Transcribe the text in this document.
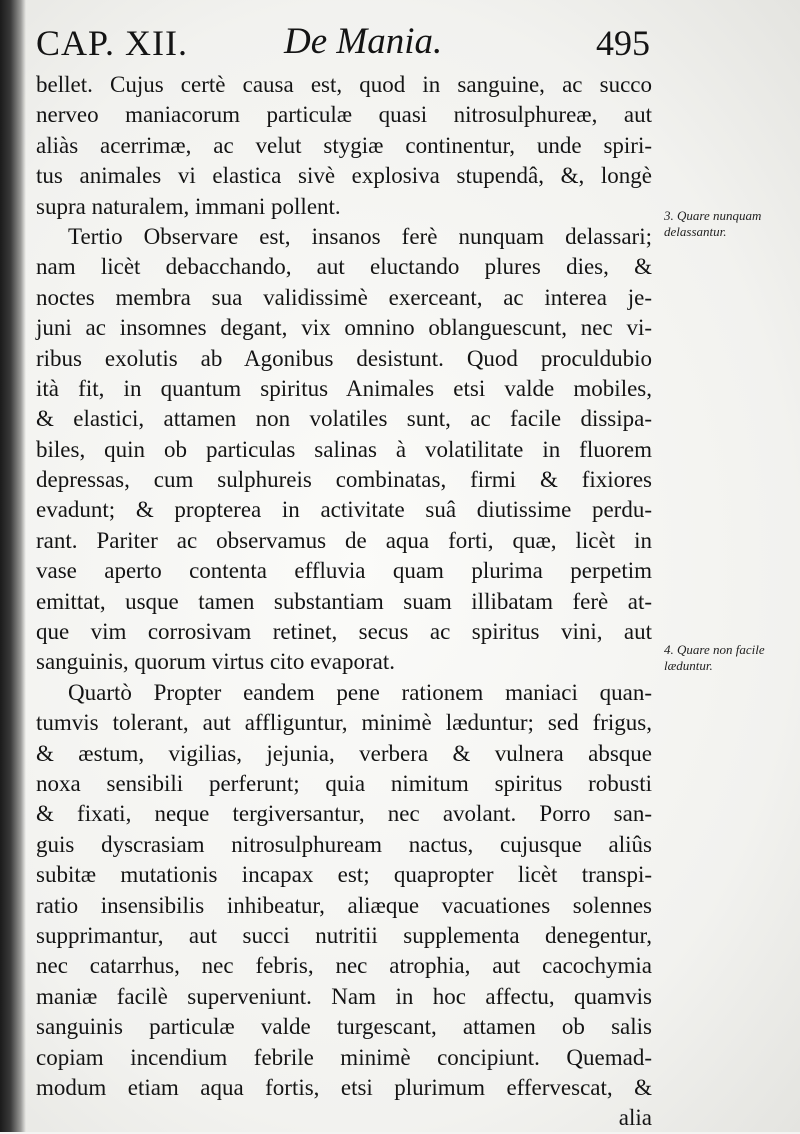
CAP. XII.	De Mania.	495
bellet. Cujus certè causa est, quod in sanguine, ac succo
nerveo maniacorum particulæ quasi nitrosulphureæ, aut
aliàs acerrimæ, ac velut stygiæ continentur, unde spiri-
tus animales vi elastica sivè explosiva stupendâ, &, longè
supra naturalem, immani pollent.
Tertio Observare est, insanos ferè nunquam delassari;
nam licèt debacchando, aut eluctando plures dies, &
noctes membra sua validissimè exerceant, ac interea je-
juni ac insomnes degant, vix omnino oblanguescunt, nec vi-
ribus exolutis ab Agonibus desistunt. Quod proculdubio
ità fit, in quantum spiritus Animales etsi valde mobiles,
& elastici, attamen non volatiles sunt, ac facile dissipa-
biles, quin ob particulas salinas à volatilitate in fluorem
depressas, cum sulphureis combinatas, firmi & fixiores
evadunt; & propterea in activitate suâ diutissime perdu-
rant. Pariter ac observamus de aqua forti, quæ, licèt in
vase aperto contenta effluvia quam plurima perpetim
emittat, usque tamen substantiam suam illibatam ferè at-
que vim corrosivam retinet, secus ac spiritus vini, aut
sanguinis, quorum virtus cito evaporat.
Quartò Propter eandem pene rationem maniaci quan-
tumvis tolerant, aut affliguntur, minimè læduntur; sed frigus,
& æstum, vigilias, jejunia, verbera & vulnera absque
noxa sensibili perferunt; quia nimitum spiritus robusti
& fixati, neque tergiversantur, nec avolant. Porro san-
guis dyscrasiam nitrosulphuream nactus, cujusque aliûs
subitæ mutationis incapax est; quapropter licèt transpi-
ratio insensibilis inhibeatur, aliæque vacuationes solennes
supprimantur, aut succi nutritii supplementa denegentur,
nec catarrhus, nec febris, nec atrophia, aut cacochymia
maniæ facilè superveniunt. Nam in hoc affectu, quamvis
sanguinis particulæ valde turgescant, attamen ob salis
copiam incendium febrile minimè concipiunt. Quemad-
modum etiam aqua fortis, etsi plurimum effervescat, &
alia
3. Quare nunquam delassantur.
4. Quare non facile læduntur.
